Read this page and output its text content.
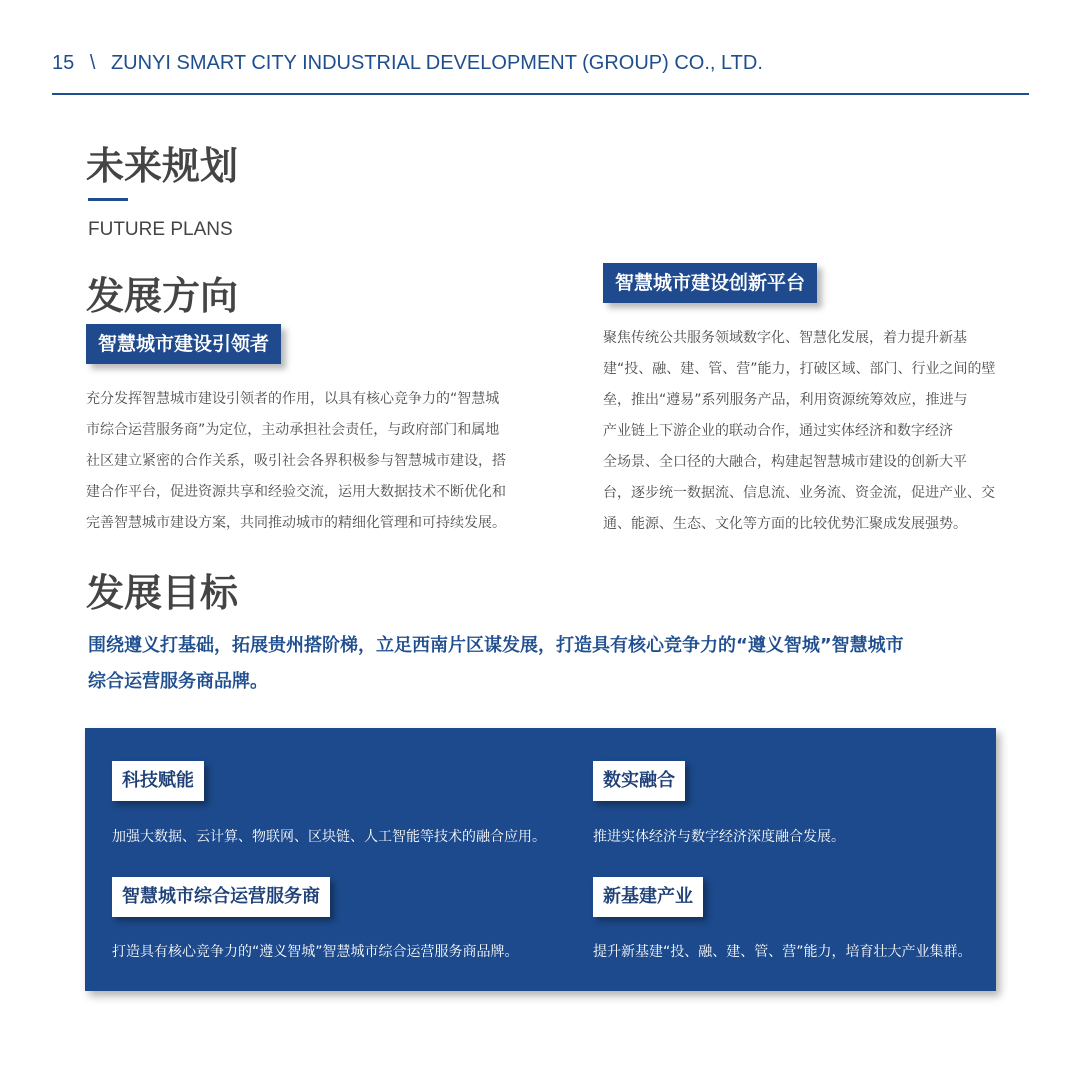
15 \ ZUNYI SMART CITY INDUSTRIAL DEVELOPMENT (GROUP) CO., LTD.
未来规划
FUTURE PLANS
发展方向
智慧城市建设引领者
充分发挥智慧城市建设引领者的作用，以具有核心竞争力的“智慧城
市综合运营服务商”为定位，主动承担社会责任，与政府部门和属地
社区建立紧密的合作关系，吸引社会各界积极参与智慧城市建设，搭
建合作平台，促进资源共享和经验交流，运用大数据技术不断优化和
完善智慧城市建设方案，共同推动城市的精细化管理和可持续发展。
智慧城市建设创新平台
聚焦传统公共服务领域数字化、智慧化发展，着力提升新基
建“投、融、建、管、营”能力，打破区域、部门、行业之间的壁
垒，推出“遵易”系列服务产品，利用资源统筹效应，推进与
产业链上下游企业的联动合作，通过实体经济和数字经济
全场景、全口径的大融合，构建起智慧城市建设的创新大平
台，逐步统一数据流、信息流、业务流、资金流，促进产业、交
通、能源、生态、文化等方面的比较优势汇聚成发展强势。
发展目标
围绕遵义打基础，拓展贵州搭阶梯，立足西南片区谋发展，打造具有核心竞争力的“遵义智城”智慧城市
综合运营服务商品牌。
科技赋能
加强大数据、云计算、物联网、区块链、人工智能等技术的融合应用。
数实融合
推进实体经济与数字经济深度融合发展。
智慧城市综合运营服务商
打造具有核心竞争力的“遵义智城”智慧城市综合运营服务商品牌。
新基建产业
提升新基建“投、融、建、管、营”能力，培育壮大产业集群。
